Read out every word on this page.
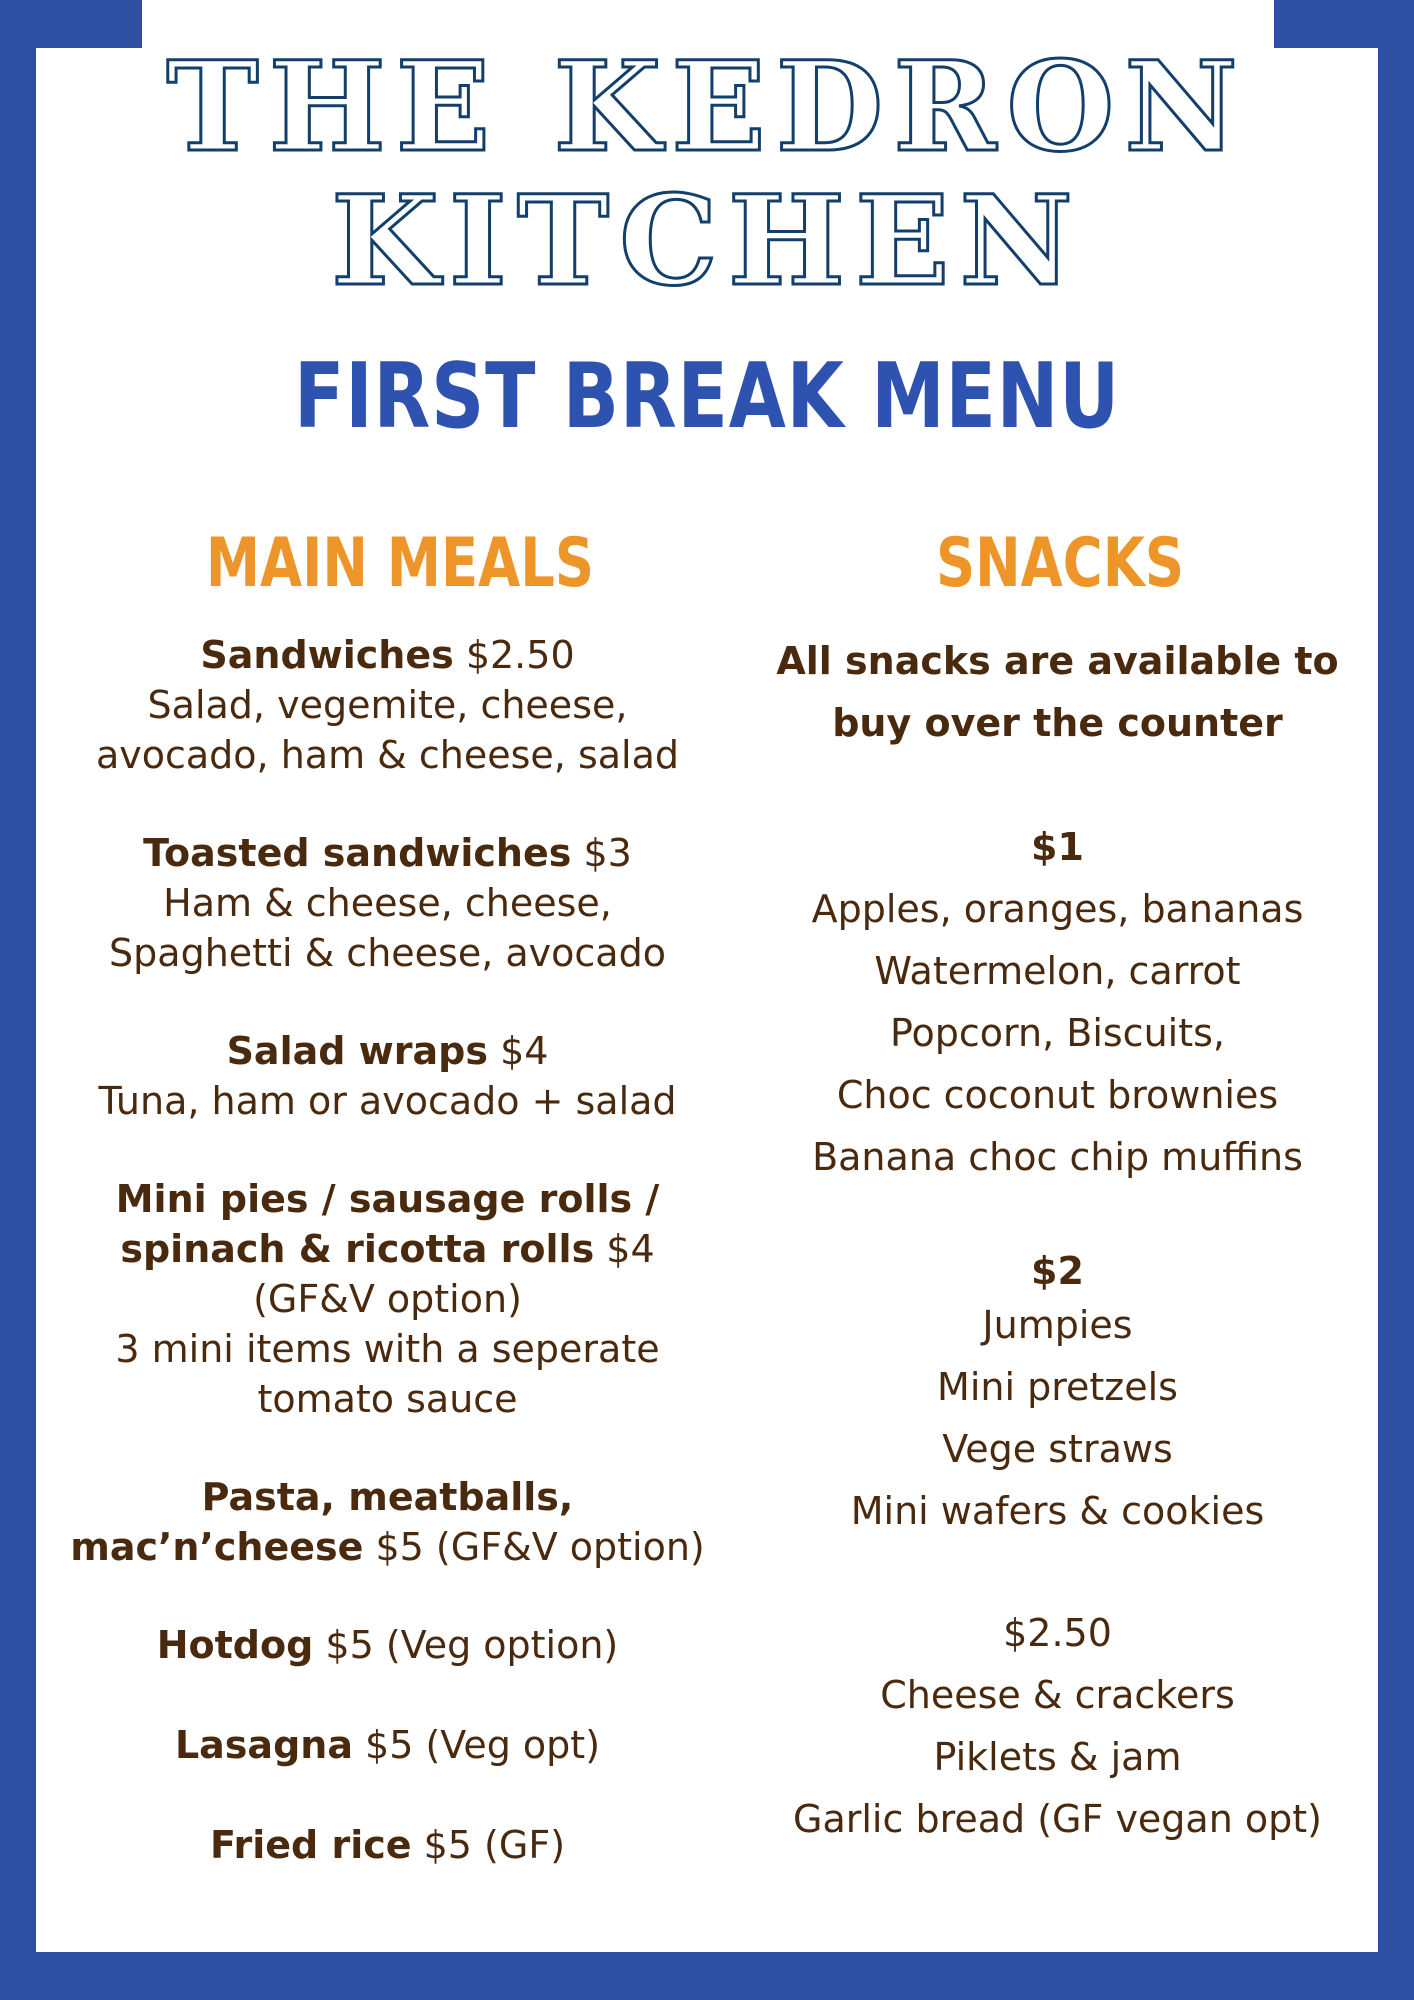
THE KEDRON
KITCHEN
FIRST BREAK MENU
MAIN MEALS	SNACKS
Sandwiches $2.50
Salad, vegemite, cheese,
avocado, ham & cheese, salad
Toasted sandwiches $3
Ham & cheese, cheese,
Spaghetti & cheese, avocado
Salad wraps $4
Tuna, ham or avocado + salad
Mini pies / sausage rolls /
spinach & ricotta rolls $4
(GF&V option)
3 mini items with a seperate
tomato sauce
Pasta, meatballs,
mac’n’cheese $5 (GF&V option)
Hotdog $5 (Veg option)
Lasagna $5 (Veg opt)
Fried rice $5 (GF)
All snacks are available to
buy over the counter
$1
Apples, oranges, bananas
Watermelon, carrot
Popcorn, Biscuits,
Choc coconut brownies
Banana choc chip muffins
$2
Jumpies
Mini pretzels
Vege straws
Mini wafers & cookies
$2.50
Cheese & crackers
Piklets & jam
Garlic bread (GF vegan opt)
